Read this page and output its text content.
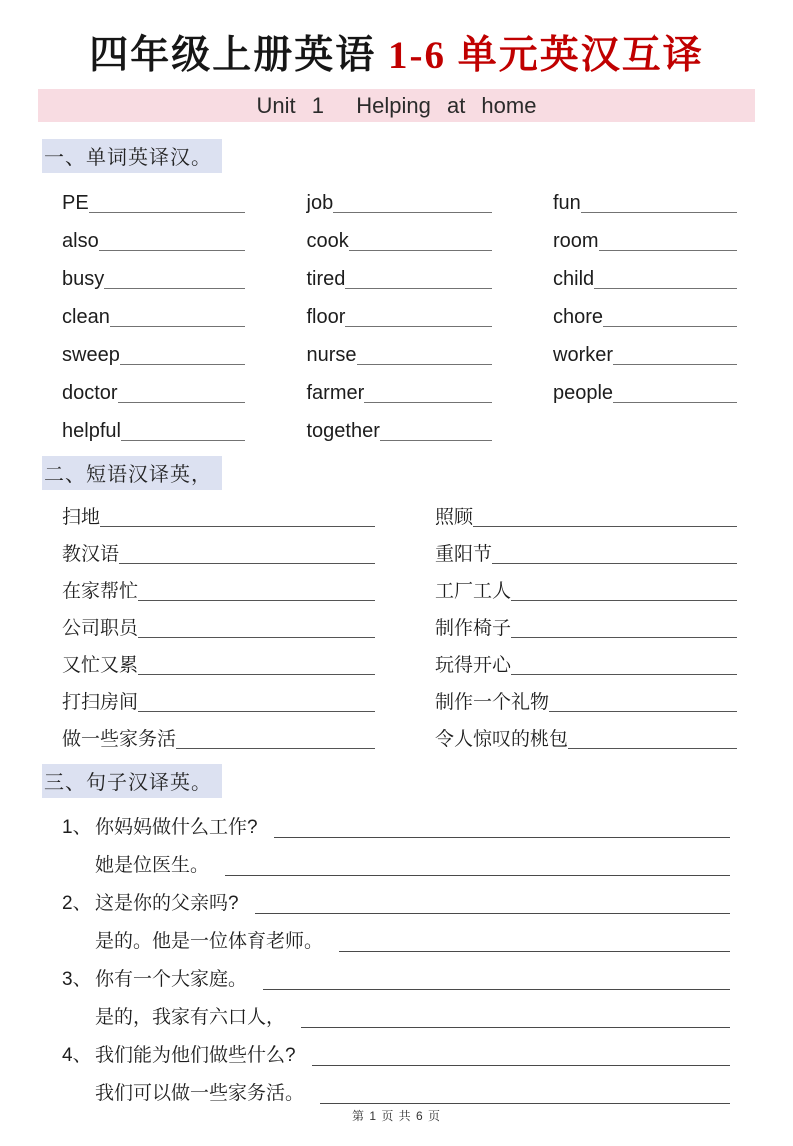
四年级上册英语 1-6 单元英汉互译
Unit 1  Helping at home
一、单词英译汉。
PE	job	fun
also	cook	room
busy	tired	child
clean	floor	chore
sweep	nurse	worker
doctor	farmer	people
helpful	together
二、短语汉译英，
扫地	照顾
教汉语	重阳节
在家帮忙	工厂工人
公司职员	制作椅子
又忙又累	玩得开心
打扫房间	制作一个礼物
做一些家务活	令人惊叹的桃包
三、句子汉译英。
1、 你妈妈做什么工作?
她是位医生。
2、 这是你的父亲吗?
是的。他是一位体育老师。
3、 你有一个大家庭。
是的，我家有六口人，
4、 我们能为他们做些什么?
我们可以做一些家务活。
第 1 页 共 6 页
